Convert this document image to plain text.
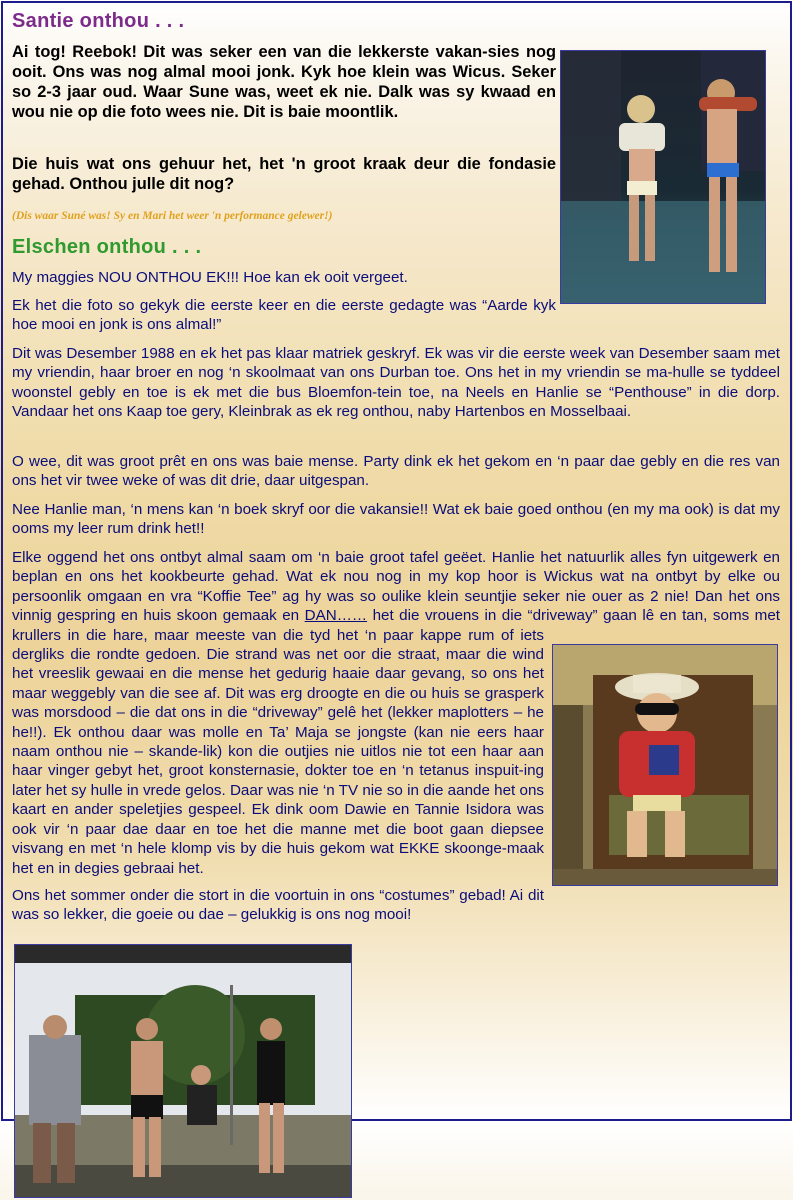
Santie onthou . . .

Ai tog! Reebok! Dit was seker een van die lekkerste vakan-sies nog ooit. Ons was nog almal mooi jonk. Kyk hoe klein was Wicus. Seker so 2-3 jaar oud. Waar Sune was, weet ek nie. Dalk was sy kwaad en wou nie op die foto wees nie. Dit is baie moontlik.

Die huis wat ons gehuur het, het 'n groot kraak deur die fondasie gehad. Onthou julle dit nog?

(Dis waar Suné was! Sy en Mari het weer 'n performance gelewer!)

Elschen onthou . . .

My maggies NOU ONTHOU EK!!! Hoe kan ek ooit vergeet.

Ek het die foto so gekyk die eerste keer en die eerste gedagte was “Aarde kyk hoe mooi en jonk is ons almal!”

Dit was Desember 1988 en ek het pas klaar matriek geskryf. Ek was vir die eerste week van Desember saam met my vriendin, haar broer en nog ‘n skoolmaat van ons Durban toe. Ons het in my vriendin se ma-hulle se tyddeel woonstel gebly en toe is ek met die bus Bloemfon-tein toe, na Neels en Hanlie se “Penthouse” in die dorp. Vandaar het ons Kaap toe gery, Kleinbrak as ek reg onthou, naby Hartenbos en Mosselbaai.

O wee, dit was groot prêt en ons was baie mense. Party dink ek het gekom en ‘n paar dae gebly en die res van ons het vir twee weke of was dit drie, daar uitgespan.

Nee Hanlie man, ‘n mens kan ‘n boek skryf oor die vakansie!! Wat ek baie goed onthou (en my ma ook) is dat my ooms my leer rum drink het!!

Elke oggend het ons ontbyt almal saam om ‘n baie groot tafel geëet. Hanlie het natuurlik alles fyn uitgewerk en beplan en ons het kookbeurte gehad. Wat ek nou nog in my kop hoor is Wickus wat na ontbyt by elke ou persoonlik omgaan en vra “Koffie Tee” ag hy was so oulike klein seuntjie seker nie ouer as 2 nie! Dan het ons vinnig gespring en huis skoon gemaak en DAN…… het die vrouens in die “driveway” gaan lê en tan, soms met krullers in die hare, maar meeste van die tyd het ‘n paar kappe rum of iets dergliks die rondte gedoen. Die strand was net oor die straat, maar die wind het vreeslik gewaai en die mense het gedurig haaie daar gevang, so ons het maar weggebly van die see af. Dit was erg droogte en die ou huis se grasperk was morsdood – die dat ons in die “driveway” gelê het (lekker maplotters – he he!!). Ek onthou daar was molle en Ta’ Maja se jongste (kan nie eers haar naam onthou nie – skande-lik) kon die outjies nie uitlos nie tot een haar aan haar vinger gebyt het, groot konsternasie, dokter toe en ‘n tetanus inspuit-ing later het sy hulle in vrede gelos. Daar was nie ‘n TV nie so in die aande het ons kaart en ander speletjies gespeel. Ek dink oom Dawie en Tannie Isidora was ook vir ‘n paar dae daar en toe het die manne met die boot gaan diepsee visvang en met ‘n hele klomp vis by die huis gekom wat EKKE skoonge-maak het en in degies gebraai het.
Ons het sommer onder die stort in die voortuin in ons “costumes” gebad! Ai dit was so lekker, die goeie ou dae – gelukkig is ons nog mooi!
